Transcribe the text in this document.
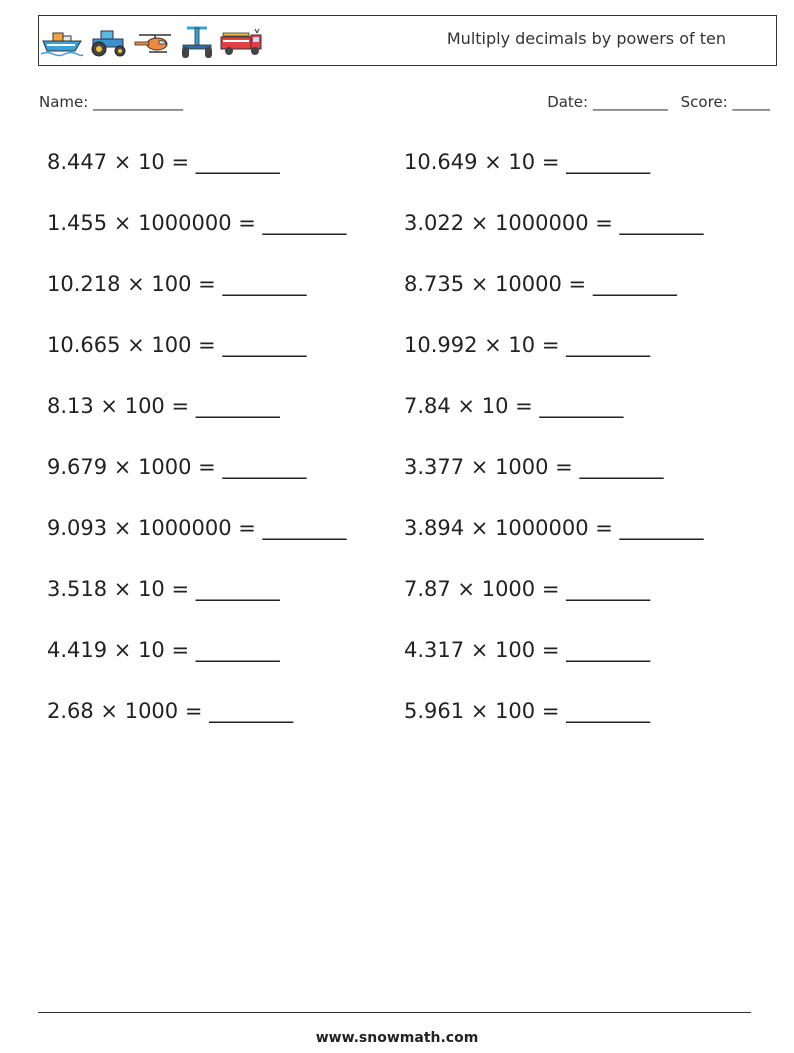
Multiply decimals by powers of ten
Name: ____________	Date: __________ Score: _____
8.447 × 10 = ________	10.649 × 10 = ________
1.455 × 1000000 = ________	3.022 × 1000000 = ________
10.218 × 100 = ________	8.735 × 10000 = ________
10.665 × 100 = ________	10.992 × 10 = ________
8.13 × 100 = ________	7.84 × 10 = ________
9.679 × 1000 = ________	3.377 × 1000 = ________
9.093 × 1000000 = ________	3.894 × 1000000 = ________
3.518 × 10 = ________	7.87 × 1000 = ________
4.419 × 10 = ________	4.317 × 100 = ________
2.68 × 1000 = ________	5.961 × 100 = ________
www.snowmath.com
